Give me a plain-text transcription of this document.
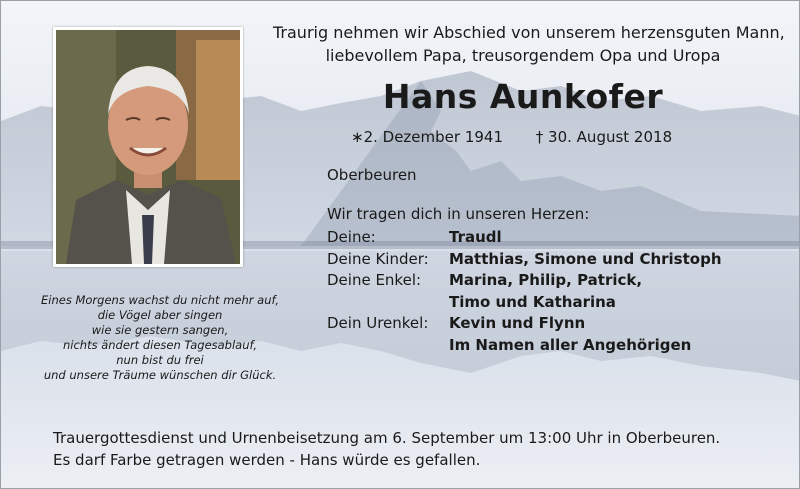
Traurig nehmen wir Abschied von unserem herzensguten Mann,
liebevollem Papa, treusorgendem Opa und Uropa
Hans Aunkofer
∗2. Dezember 1941 † 30. August 2018
Oberbeuren
Wir tragen dich in unseren Herzen:
Deine:	Traudl
Deine Kinder: Matthias, Simone und Christoph
Deine Enkel: Marina, Philip, Patrick,
Timo und Katharina
Dein Urenkel: Kevin und Flynn
Im Namen aller Angehörigen
Eines Morgens wachst du nicht mehr auf,
die Vögel aber singen
wie sie gestern sangen,
nichts ändert diesen Tagesablauf,
nun bist du frei
und unsere Träume wünschen dir Glück.
Trauergottesdienst und Urnenbeisetzung am 6. September um 13:00 Uhr in Oberbeuren.
Es darf Farbe getragen werden - Hans würde es gefallen.
